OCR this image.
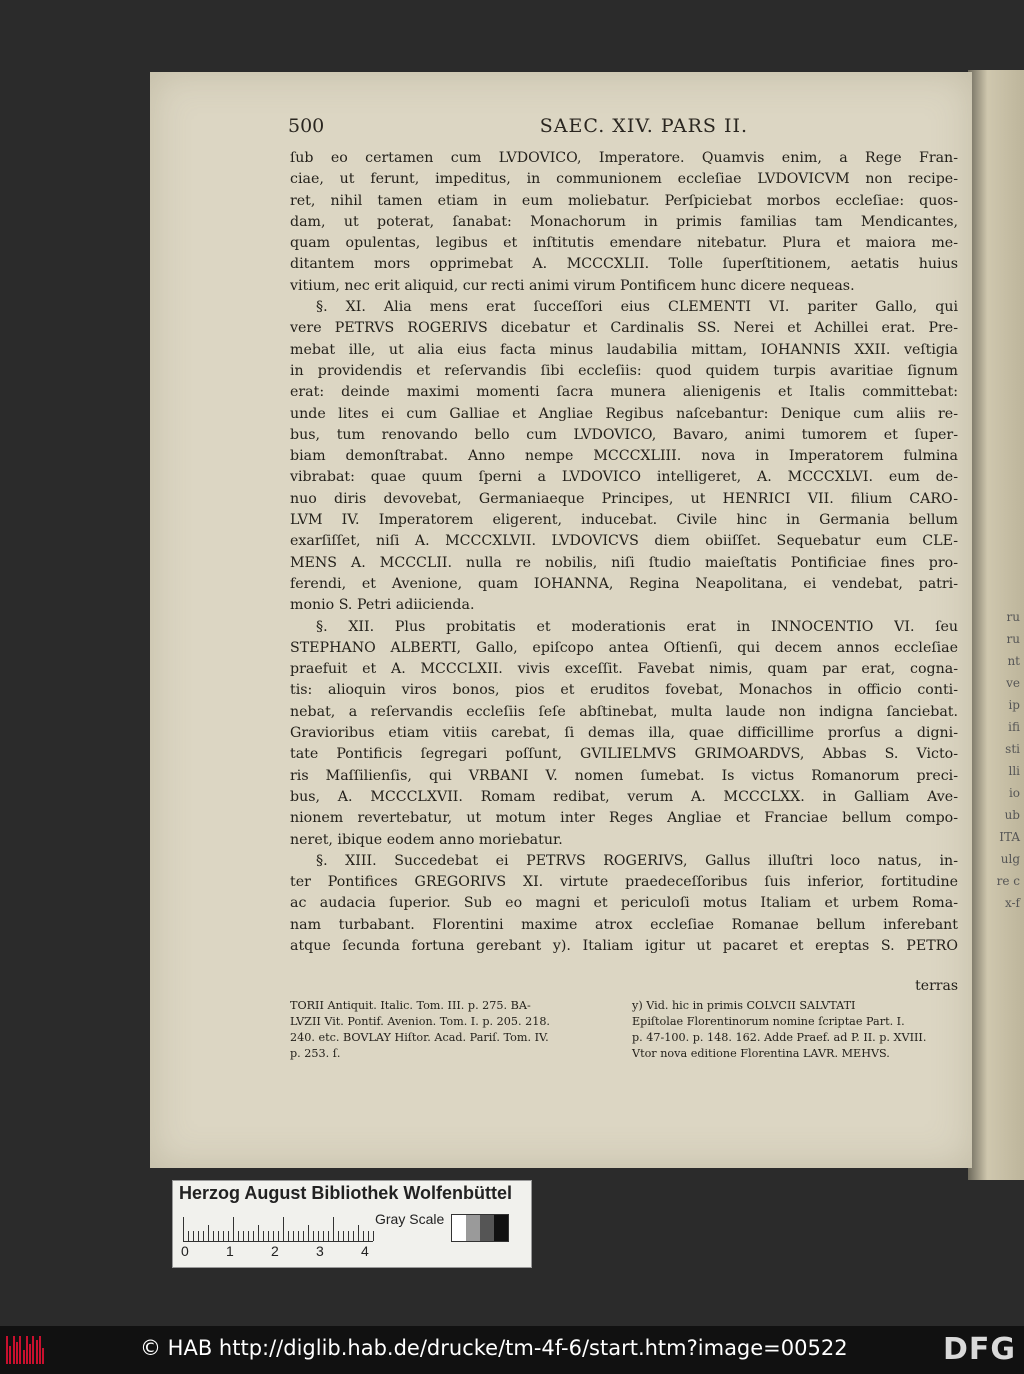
ru
ru
nt
ve
ip
ifi
sti
lli
io
ub
ITA
ulg
re c
x-f
500	SAEC. XIV. PARS II.

ſub eo certamen cum LVDOVICO, Imperatore. Quamvis enim, a Rege Fran-

ciae, ut ferunt, impeditus, in communionem eccleſiae LVDOVICVM non recipe-

ret, nihil tamen etiam in eum moliebatur. Perſpiciebat morbos eccleſiae: quos-

dam, ut poterat, ſanabat: Monachorum in primis familias tam Mendicantes,

quam opulentas, legibus et inſtitutis emendare nitebatur. Plura et maiora me-

ditantem mors opprimebat A. MCCCXLII. Tolle ſuperſtitionem, aetatis huius

vitium, nec erit aliquid, cur recti animi virum Pontificem hunc dicere nequeas.

§. XI. Alia mens erat ſucceſſori eius CLEMENTI VI. pariter Gallo, qui

vere PETRVS ROGERIVS dicebatur et Cardinalis SS. Nerei et Achillei erat. Pre-

mebat ille, ut alia eius facta minus laudabilia mittam, IOHANNIS XXII. veſtigia

in providendis et reſervandis ſibi eccleſiis: quod quidem turpis avaritiae ſignum

erat: deinde maximi momenti ſacra munera alienigenis et Italis committebat:

unde lites ei cum Galliae et Angliae Regibus naſcebantur: Denique cum aliis re-

bus, tum renovando bello cum LVDOVICO, Bavaro, animi tumorem et ſuper-

biam demonſtrabat. Anno nempe MCCCXLIII. nova in Imperatorem fulmina

vibrabat: quae quum ſperni a LVDOVICO intelligeret, A. MCCCXLVI. eum de-

nuo diris devovebat, Germaniaeque Principes, ut HENRICI VII. filium CARO-

LVM IV. Imperatorem eligerent, inducebat. Civile hinc in Germania bellum

exarſiſſet, niſi A. MCCCXLVII. LVDOVICVS diem obiiſſet. Sequebatur eum CLE-

MENS A. MCCCLII. nulla re nobilis, niſi ſtudio maieſtatis Pontificiae fines pro-

ferendi, et Avenione, quam IOHANNA, Regina Neapolitana, ei vendebat, patri-

monio S. Petri adiicienda.

§. XII. Plus probitatis et moderationis erat in INNOCENTIO VI. ſeu

STEPHANO ALBERTI, Gallo, epiſcopo antea Oſtienſi, qui decem annos eccleſiae

praefuit et A. MCCCLXII. vivis exceſſit. Favebat nimis, quam par erat, cogna-

tis: alioquin viros bonos, pios et eruditos fovebat, Monachos in officio conti-

nebat, a reſervandis eccleſiis ſeſe abſtinebat, multa laude non indigna ſanciebat.

Gravioribus etiam vitiis carebat, ſi demas illa, quae difficillime prorſus a digni-

tate Pontificis ſegregari poſſunt, GVILIELMVS GRIMOARDVS, Abbas S. Victo-

ris Maſſilienſis, qui VRBANI V. nomen ſumebat. Is victus Romanorum preci-

bus, A. MCCCLXVII. Romam redibat, verum A. MCCCLXX. in Galliam Ave-

nionem revertebatur, ut motum inter Reges Angliae et Franciae bellum compo-

neret, ibique eodem anno moriebatur.

§. XIII. Succedebat ei PETRVS ROGERIVS, Gallus illuſtri loco natus, in-

ter Pontifices GREGORIVS XI. virtute praedeceſſoribus ſuis inferior, fortitudine

ac audacia ſuperior. Sub eo magni et periculoſi motus Italiam et urbem Roma-

nam turbabant. Florentini maxime atrox eccleſiae Romanae bellum inferebant

atque ſecunda fortuna gerebant y). Italiam igitur ut pacaret et ereptas S. PETRO

terras

TORII Antiquit. Italic. Tom. III. p. 275. BA-

LVZII Vit. Pontif. Avenion. Tom. I. p. 205. 218.

240. etc. BOVLAY Hiſtor. Acad. Pariſ. Tom. IV.

p. 253. ſ.

y) Vid. hic in primis COLVCII SALVTATI

Epiſtolae Florentinorum nomine ſcriptae Part. I.

p. 47-100. p. 148. 162. Adde Praef. ad P. II. p. XVIII.

Vtor nova editione Florentina LAVR. MEHVS.

Herzog August Bibliothek Wolfenbüttel
0	1	2	3	4
Gray Scale
© HAB http://diglib.hab.de/drucke/tm-4f-6/start.htm?image=00522	DFG
